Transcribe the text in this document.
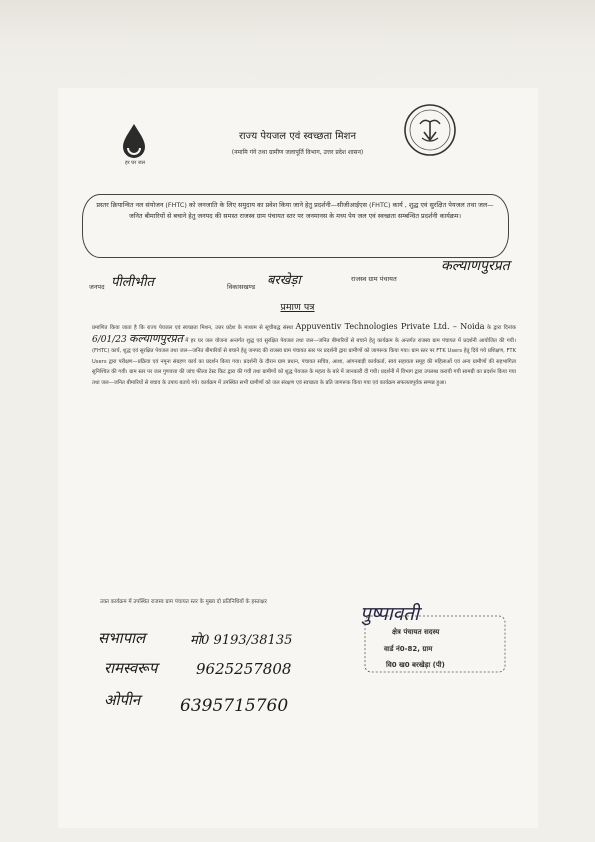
हर घर जल
राज्य पेयजल एवं स्वच्छता मिशन
(नमामि गंगे तथा ग्रामीण जलापूर्ति विभाग, उत्तर प्रदेश शासन)
प्रस्तर क्रियान्वित नल संयोजन (FHTC) को जनजाति के लिए समुदाय का प्रवेश किया जाने हेतु प्रदर्शनी—सीजीआईएस (FHTC) कार्य , शुद्ध एवं सुरक्षित पेयजल तथा जल—जनित बीमारियों से बचाने हेतु जनपद की समस्त राजस्व ग्राम पंचायत स्तर पर जनमानस के मध्य पेय जल एवं स्वच्छता सम्बन्धित प्रदर्शनी कार्यक्रम।
जनपद पीलीभीत	विकासखण्ड बरखेड़ा	राजस्व ग्राम पंचायत
कल्याणपुरप्रत
प्रमाण पत्र
प्रमाणित किया जाता है कि राज्य पेयजल एवं स्वच्छता मिशन, उत्तर प्रदेश के माध्यम से सूचीबद्ध संस्था Appuventiv Technologies Private Ltd. – Noida के द्वारा दिनांक 6/01/23 कल्याणपुरप्रत में हर घर जल योजना अन्तर्गत शुद्ध एवं सुरक्षित पेयजल तथा जल—जनित बीमारियों से बचाने हेतु कार्यक्रम के अन्तर्गत राजस्व ग्राम पंचायत में प्रदर्शनी आयोजित की गयी। (FHTC) कार्य, शुद्ध एवं सुरक्षित पेयजल तथा जल—जनित बीमारियों से बचाने हेतु जनपद की राजस्व ग्राम पंचायत स्तर पर प्रदर्शनी द्वारा ग्रामीणों को जागरूक किया गया। ग्राम स्तर पर FTK Users हेतु दिये गये प्रशिक्षण, FTK Users द्वारा परीक्षण—प्रक्रिया एवं नमूना संग्रहण कार्य का प्रदर्शन किया गया। प्रदर्शनी के दौरान ग्राम प्रधान, पंचायत सचिव, आशा, आंगनबाड़ी कार्यकर्ता, स्वयं सहायता समूह की महिलाओं एवं अन्य ग्रामीणों की सहभागिता सुनिश्चित की गयी। ग्राम स्तर पर जल गुणवत्ता की जांच फील्ड टेस्ट किट द्वारा की गयी तथा ग्रामीणों को शुद्ध पेयजल के महत्व के बारे में जानकारी दी गयी। प्रदर्शनी में विभाग द्वारा उपलब्ध करायी गयी सामग्री का प्रदर्शन किया गया तथा जल—जनित बीमारियों से बचाव के उपाय बताये गये। कार्यक्रम में उपस्थित सभी ग्रामीणों को जल संरक्षण एवं स्वच्छता के प्रति जागरूक किया गया एवं कार्यक्रम सफलतापूर्वक सम्पन्न हुआ।
उक्त कार्यक्रम में उपस्थित राजस्व ग्राम पंचायत स्तर के मुख्य दो प्रतिनिधियों के हस्ताक्षर
पुष्पावती
क्षेत्र पंचायत सदस्य
वार्ड नं0-82, ग्राम
वि0 ख0 बरखेड़ा (पी)
सभापाल	मो0 9193/38135
रामस्वरूप	9625257808
ओपीन 6395715760
